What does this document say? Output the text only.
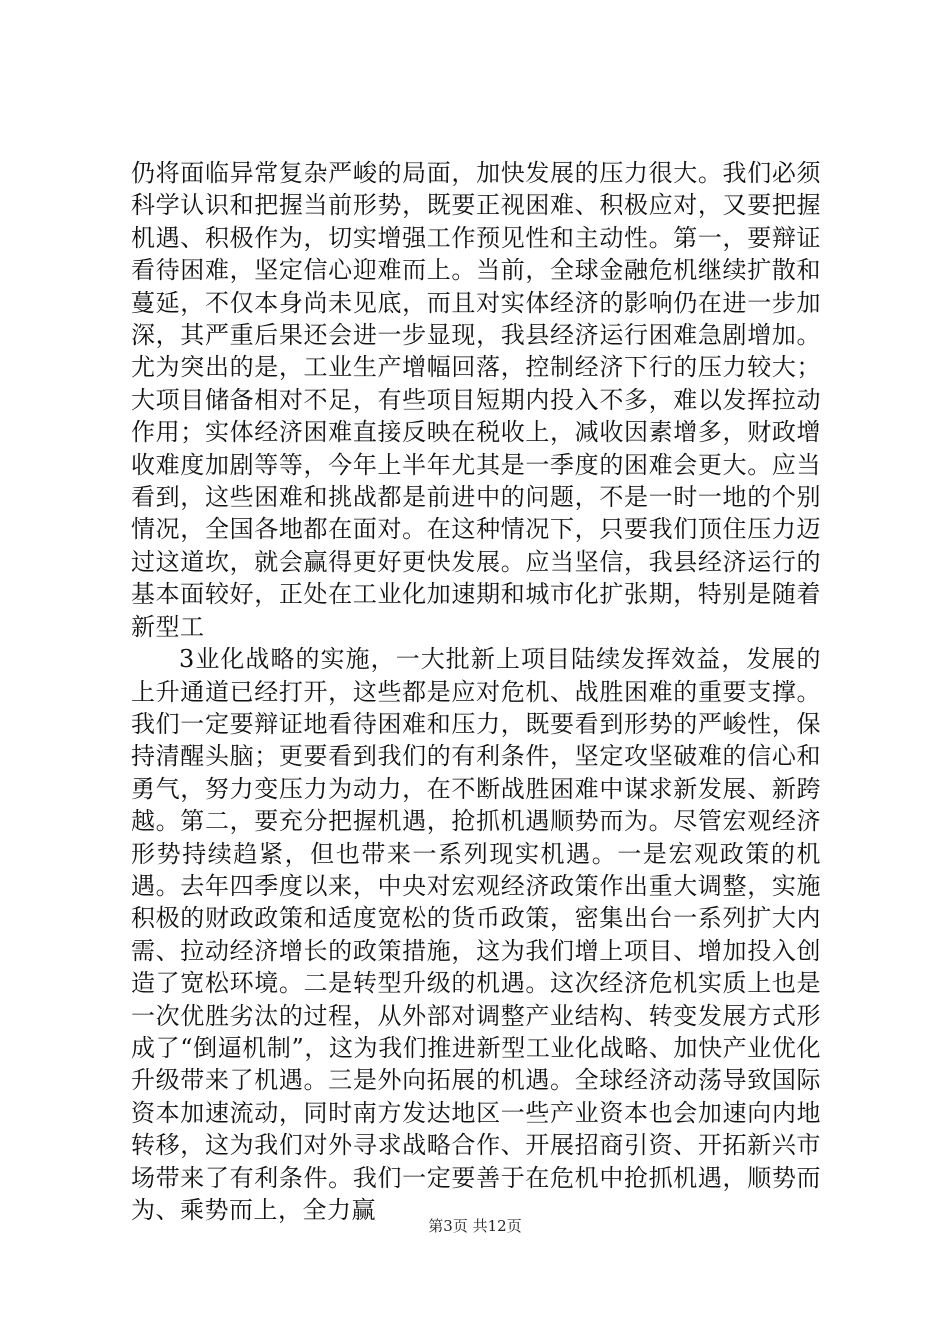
仍将面临异常复杂严峻的局面，加快发展的压力很大。我们必须科学认识和把握当前形势，既要正视困难、积极应对，又要把握机遇、积极作为，切实增强工作预见性和主动性。第一，要辩证看待困难，坚定信心迎难而上。当前，全球金融危机继续扩散和蔓延，不仅本身尚未见底，而且对实体经济的影响仍在进一步加深，其严重后果还会进一步显现，我县经济运行困难急剧增加。尤为突出的是，工业生产增幅回落，控制经济下行的压力较大；大项目储备相对不足，有些项目短期内投入不多，难以发挥拉动作用；实体经济困难直接反映在税收上，减收因素增多，财政增收难度加剧等等，今年上半年尤其是一季度的困难会更大。应当看到，这些困难和挑战都是前进中的问题，不是一时一地的个别情况，全国各地都在面对。在这种情况下，只要我们顶住压力迈过这道坎，就会赢得更好更快发展。应当坚信，我县经济运行的基本面较好，正处在工业化加速期和城市化扩张期，特别是随着新型工

3业化战略的实施，一大批新上项目陆续发挥效益，发展的上升通道已经打开，这些都是应对危机、战胜困难的重要支撑。我们一定要辩证地看待困难和压力，既要看到形势的严峻性，保持清醒头脑；更要看到我们的有利条件，坚定攻坚破难的信心和勇气，努力变压力为动力，在不断战胜困难中谋求新发展、新跨越。第二，要充分把握机遇，抢抓机遇顺势而为。尽管宏观经济形势持续趋紧，但也带来一系列现实机遇。一是宏观政策的机遇。去年四季度以来，中央对宏观经济政策作出重大调整，实施积极的财政政策和适度宽松的货币政策，密集出台一系列扩大内需、拉动经济增长的政策措施，这为我们增上项目、增加投入创造了宽松环境。二是转型升级的机遇。这次经济危机实质上也是一次优胜劣汰的过程，从外部对调整产业结构、转变发展方式形成了“倒逼机制”，这为我们推进新型工业化战略、加快产业优化升级带来了机遇。三是外向拓展的机遇。全球经济动荡导致国际资本加速流动，同时南方发达地区一些产业资本也会加速向内地转移，这为我们对外寻求战略合作、开展招商引资、开拓新兴市场带来了有利条件。我们一定要善于在危机中抢抓机遇，顺势而为、乘势而上，全力赢

第3页 共12页
